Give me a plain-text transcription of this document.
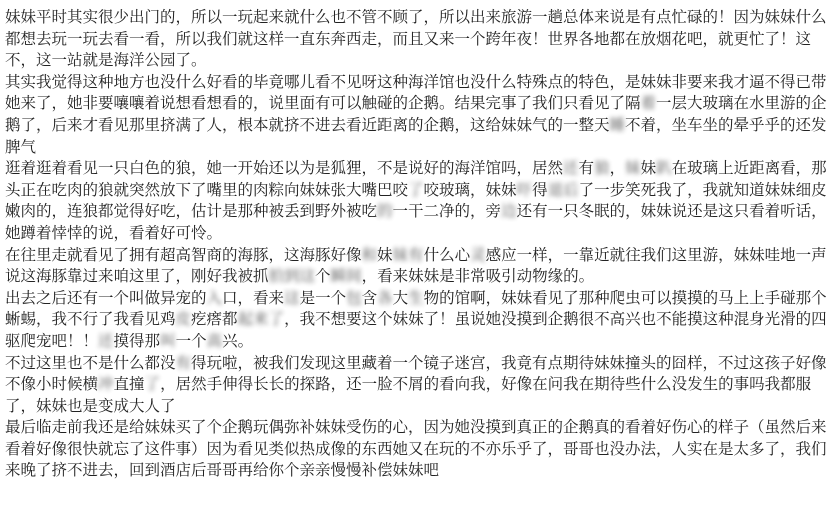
妹妹平时其实很少出门的，所以一玩起来就什么也不管不顾了，所以出来旅游一趟总体来说是有点忙碌的！因为妹妹什么都想去玩一玩去看一看，所以我们就这样一直东奔西走，而且又来一个跨年夜！世界各地都在放烟花吧，就更忙了！这不，这一站就是海洋公园了。

其实我觉得这种地方也没什么好看的毕竟哪儿看不见呀这种海洋馆也没什么特殊点的特色，是妹妹非要来我才逼不得已带她来了，她非要嚷嚷着说想看想看的，说里面有可以触碰的企鹅。结果完事了我们只看见了隔着一层大玻璃在水里游的企鹅了，后来才看见那里挤满了人，根本就挤不进去看近距离的企鹅，这给妹妹气的一整天睡不着，坐车坐的晕乎乎的还发脾气

逛着逛着看见一只白色的狼，她一开始还以为是狐狸，不是说好的海洋馆吗，居然还有狼，妹妹趴在玻璃上近距离看，那头正在吃肉的狼就突然放下了嘴里的肉粽向妹妹张大嘴巴咬了咬玻璃，妹妹吓得退后了一步笑死我了，我就知道妹妹细皮嫩肉的，连狼都觉得好吃，估计是那种被丢到野外被吃的一干二净的，旁边还有一只冬眠的，妹妹说还是这只看着听话，她蹲着悻悻的说，看着好可怜。

在往里走就看见了拥有超高智商的海豚，这海豚好像和妹妹有什么心灵感应一样，一靠近就往我们这里游，妹妹哇地一声说这海豚靠过来咱这里了，刚好我被抓拍到这个瞬间，看来妹妹是非常吸引动物缘的。

出去之后还有一个叫做异宠的入口，看来这是一个包含各大生物的馆啊，妹妹看见了那种爬虫可以摸摸的马上上手碰那个蜥蜴，我不行了我看见鸡皮疙瘩都起来了，我不想要这个妹妹了！虽说她没摸到企鹅很不高兴也不能摸这种混身光滑的四驱爬宠吧！！还摸得那叫一个高兴。

不过这里也不是什么都没有得玩啦，被我们发现这里藏着一个镜子迷宫，我竟有点期待妹妹撞头的囧样，不过这孩子好像不像小时候横冲直撞了，居然手伸得长长的探路，还一脸不屑的看向我，好像在问我在期待些什么没发生的事吗我都服了，妹妹也是变成大人了

最后临走前我还是给妹妹买了个企鹅玩偶弥补妹妹受伤的心，因为她没摸到真正的企鹅真的看着好伤心的样子（虽然后来看着好像很快就忘了这件事）因为看见类似热成像的东西她又在玩的不亦乐乎了，哥哥也没办法，人实在是太多了，我们来晚了挤不进去，回到酒店后哥哥再给你个亲亲慢慢补偿妹妹吧
